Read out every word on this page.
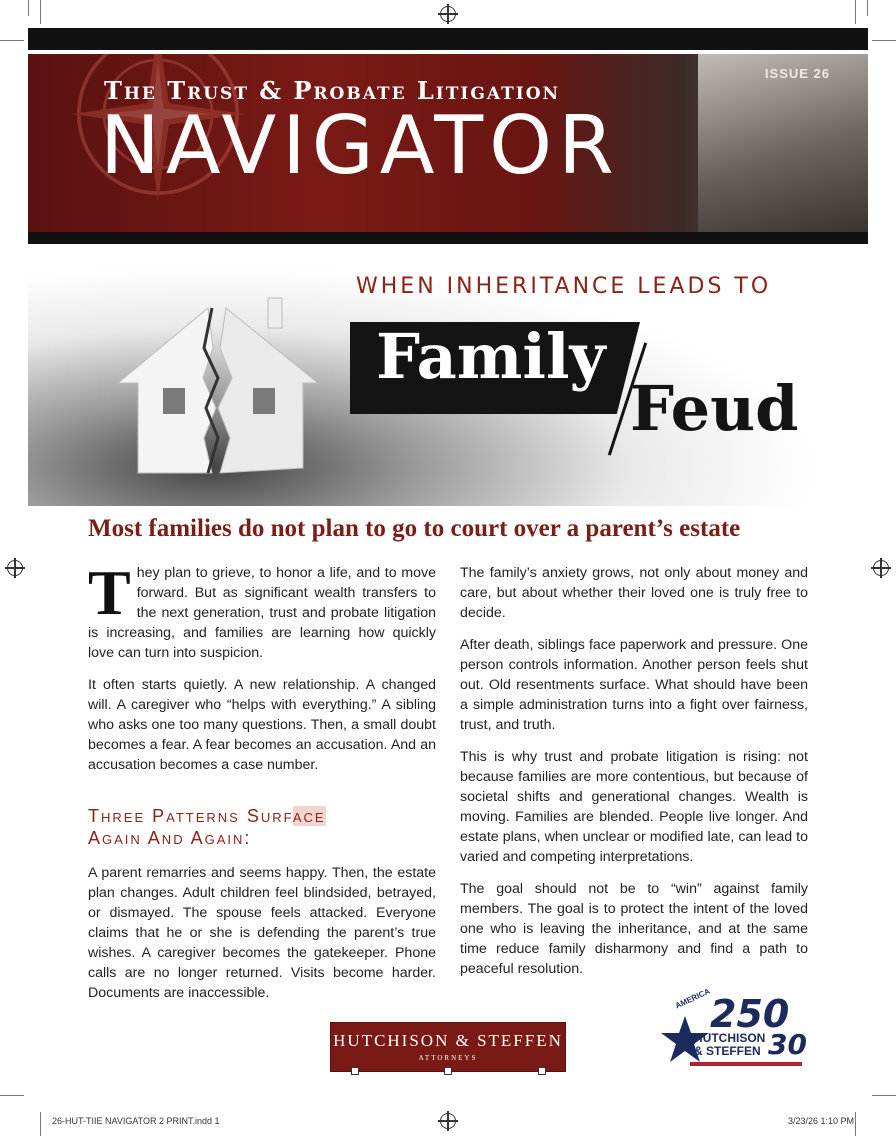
ISSUE 26
The Trust & Probate Litigation
NAVIGATOR
WHEN INHERITANCE LEADS TO
Family
Feud
Most families do not plan to go to court over a parent’s estate

T hey plan to grieve, to honor a life, and to move forward. But as significant wealth transfers to the next generation, trust and probate litigation is increasing, and families are learning how quickly love can turn into suspicion.

It often starts quietly. A new relationship. A changed will. A caregiver who “helps with everything.” A sibling who asks one too many questions. Then, a small doubt becomes a fear. A fear becomes an accusation. And an accusation becomes a case number.

Three Patterns Surface
Again And Again:

A parent remarries and seems happy. Then, the estate plan changes. Adult children feel blindsided, betrayed, or dismayed. The spouse feels attacked. Everyone claims that he or she is defending the parent’s true wishes. A caregiver becomes the gatekeeper. Phone calls are no longer returned. Visits become harder. Documents are inaccessible.

The family’s anxiety grows, not only about money and care, but about whether their loved one is truly free to decide.

After death, siblings face paperwork and pressure. One person controls information. Another person feels shut out. Old resentments surface. What should have been a simple administration turns into a fight over fairness, trust, and truth.

This is why trust and probate litigation is rising: not because families are more contentious, but because of societal shifts and generational changes. Wealth is moving. Families are blended. People live longer. And estate plans, when unclear or modified late, can lead to varied and competing interpretations.

The goal should not be to “win” against family members. The goal is to protect the intent of the loved one who is leaving the inheritance, and at the same time reduce family disharmony and find a path to peaceful resolution.

HUTCHISON & STEFFEN
ATTORNEYS
AMERICA
250
HUTCHISON
& STEFFEN 30
26-HUT-TIIE NAVIGATOR 2 PRINT.indd 1	3/23/26 1:10 PM
